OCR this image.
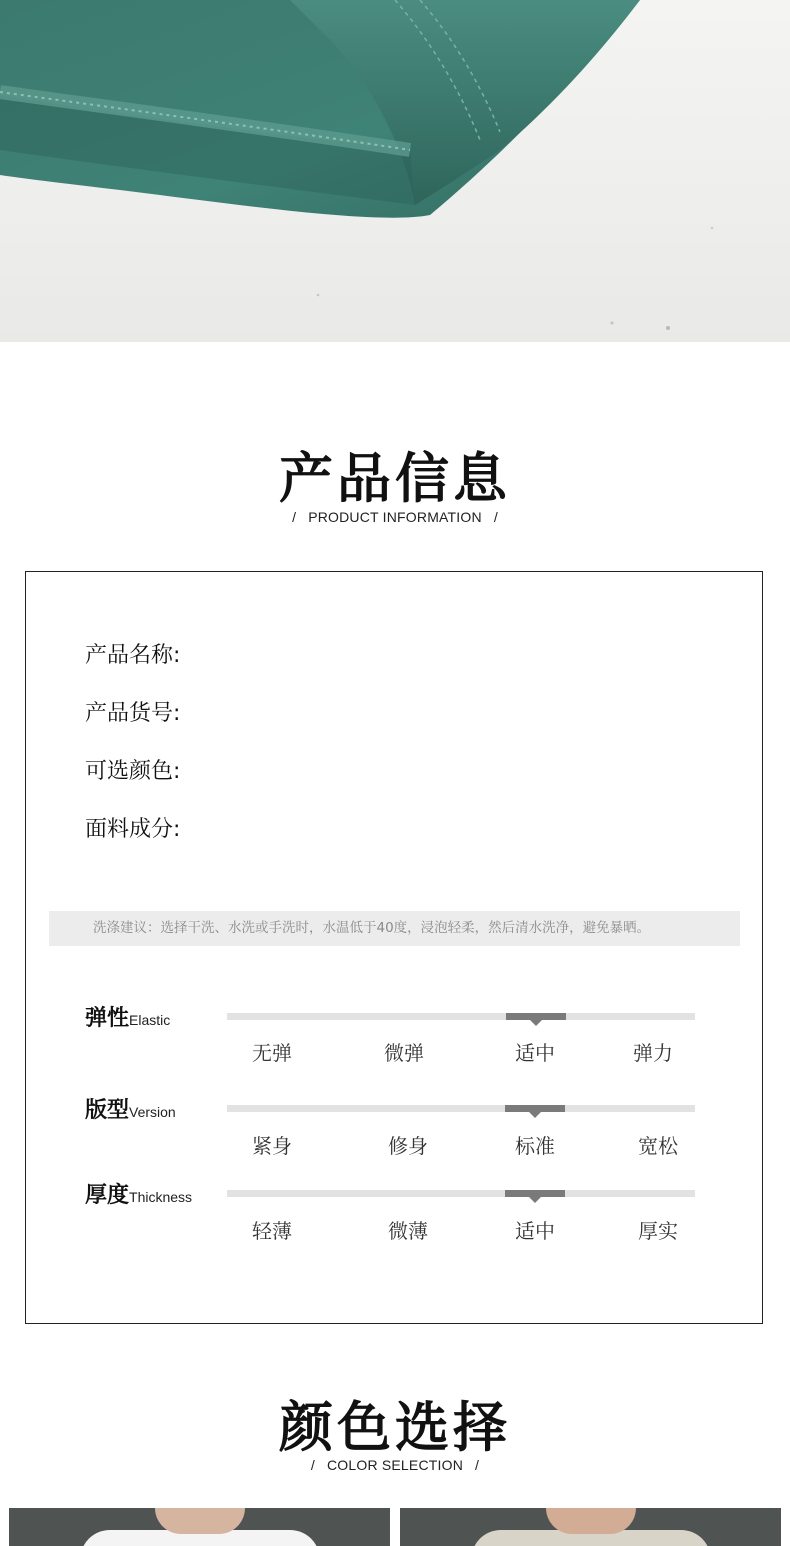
产品信息
/ PRODUCT INFORMATION /
产品名称:
产品货号:
可选颜色:
面料成分:
洗涤建议：选择干洗、水洗或手洗时，水温低于40度，浸泡轻柔，然后清水洗净，避免暴晒。
弹性Elastic
无弹	微弹	适中	弹力
版型Version
紧身	修身	标准	宽松
厚度Thickness
轻薄	微薄	适中	厚实
颜色选择
/ COLOR SELECTION /
